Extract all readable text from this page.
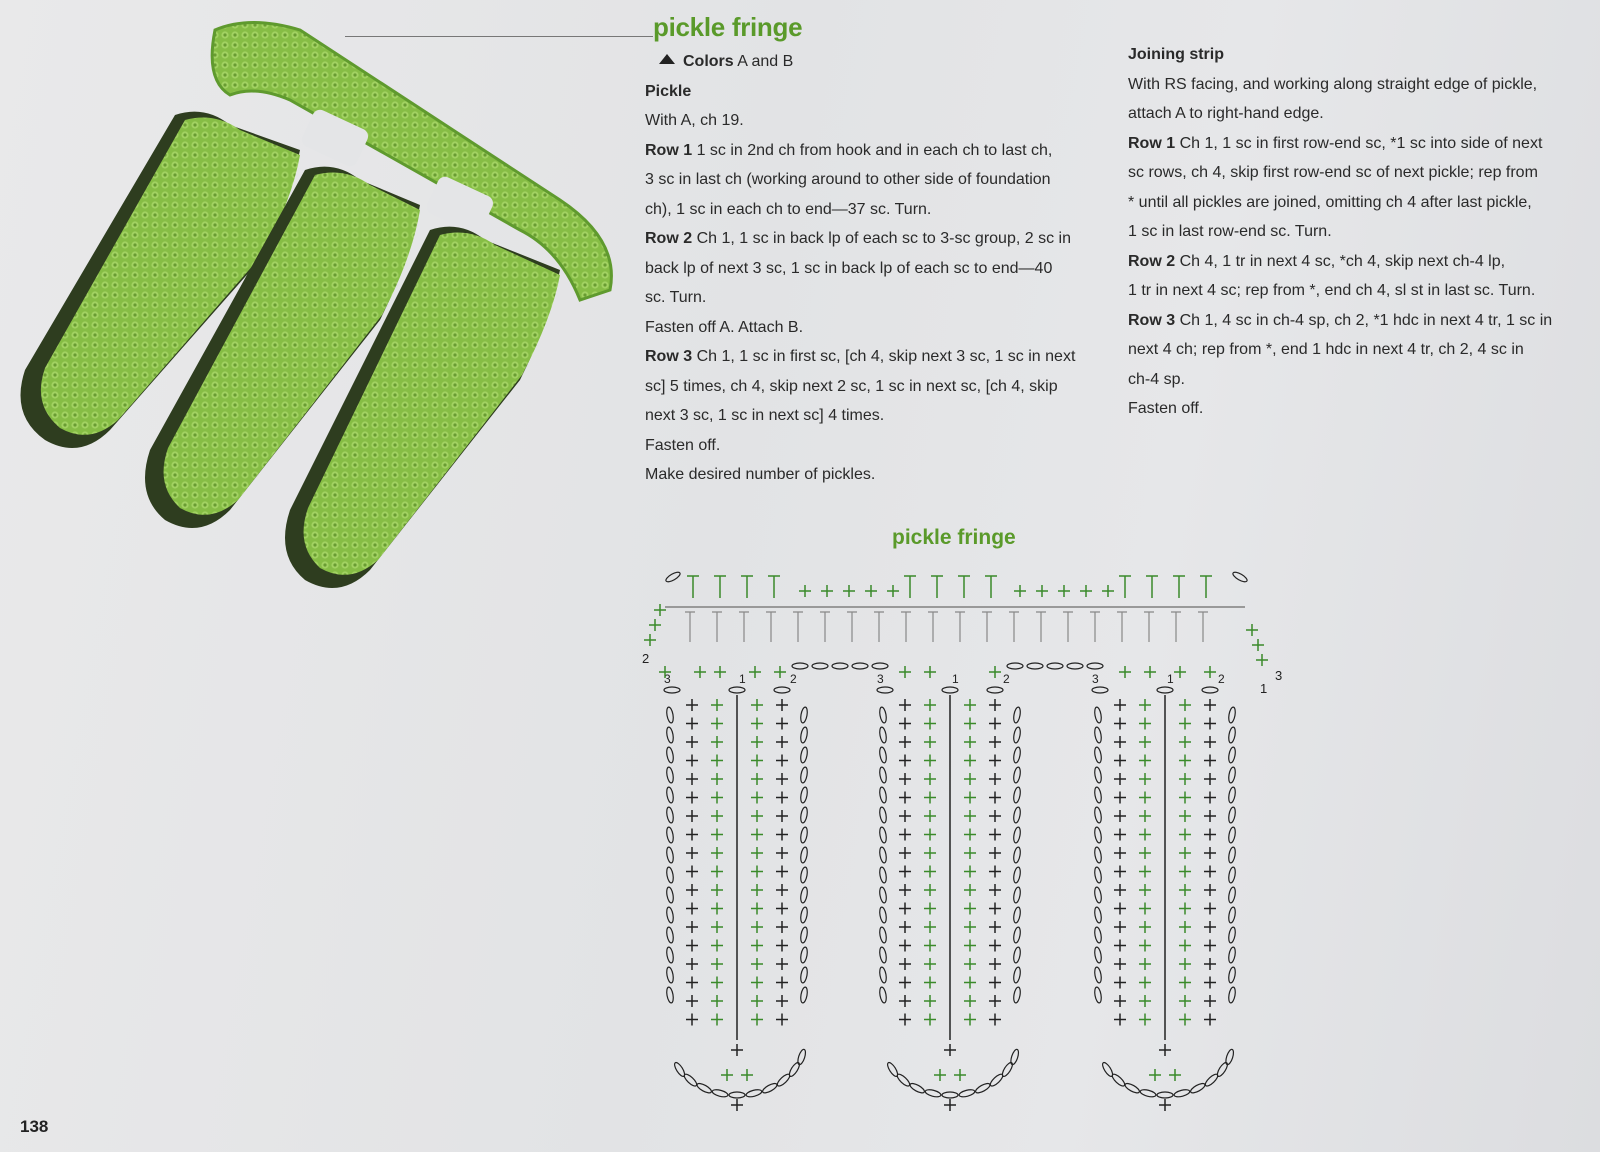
pickle fringe

Colors A and B

Pickle

With A, ch 19.

Row 1 1 sc in 2nd ch from hook and in each ch to last ch,

3 sc in last ch (working around to other side of foundation

ch), 1 sc in each ch to end—37 sc. Turn.

Row 2 Ch 1, 1 sc in back lp of each sc to 3-sc group, 2 sc in

back lp of next 3 sc, 1 sc in back lp of each sc to end—40

sc. Turn.

Fasten off A. Attach B.

Row 3 Ch 1, 1 sc in first sc, [ch 4, skip next 3 sc, 1 sc in next

sc] 5 times, ch 4, skip next 2 sc, 1 sc in next sc, [ch 4, skip

next 3 sc, 1 sc in next sc] 4 times.

Fasten off.

Make desired number of pickles.

Joining strip

With RS facing, and working along straight edge of pickle,

attach A to right-hand edge.

Row 1 Ch 1, 1 sc in first row-end sc, *1 sc into side of next

sc rows, ch 4, skip first row-end sc of next pickle; rep from

* until all pickles are joined, omitting ch 4 after last pickle,

1 sc in last row-end sc. Turn.

Row 2 Ch 4, 1 tr in next 4 sc, *ch 4, skip next ch-4 lp,

1 tr in next 4 sc; rep from *, end ch 4, sl st in last sc. Turn.

Row 3 Ch 1, 4 sc in ch-4 sp, ch 2, *1 hdc in next 4 tr, 1 sc in

next 4 ch; rep from *, end 1 hdc in next 4 tr, ch 2, 4 sc in

ch-4 sp.

Fasten off.

pickle fringe
1	2
3	1	2
3	1	2
3
2
1
3
138
